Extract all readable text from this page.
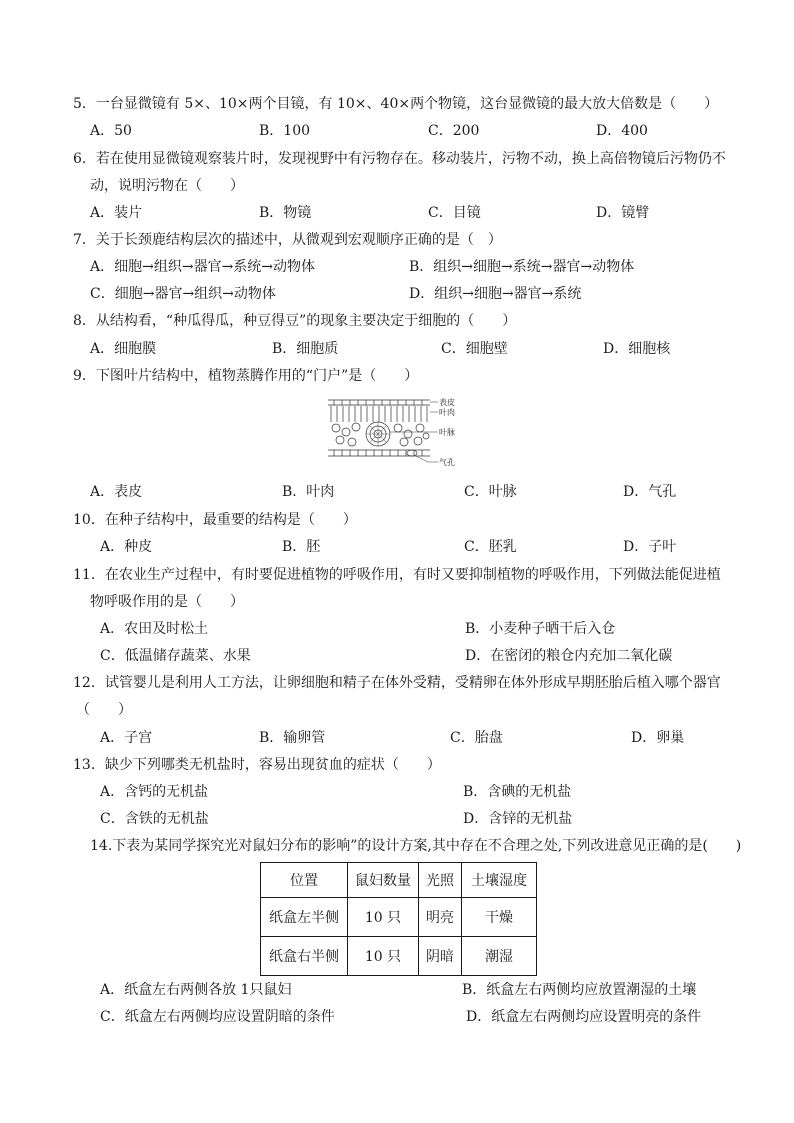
5．一台显微镜有 5×、10×两个目镜，有 10×、40×两个物镜，这台显微镜的最大放大倍数是（　　）
A．50	B．100	C．200	D．400
6．若在使用显微镜观察装片时，发现视野中有污物存在。移动装片，污物不动，换上高倍物镜后污物仍不
动，说明污物在（　　）
A．装片	B．物镜	C．目镜	D．镜臂
7．关于长颈鹿结构层次的描述中，从微观到宏观顺序正确的是（　）
A．细胞→组织→器官→系统→动物体	B．组织→细胞→系统→器官→动物体
C．细胞→器官→组织→动物体	D．组织→细胞→器官→系统
8．从结构看，“种瓜得瓜，种豆得豆”的现象主要决定于细胞的（　　）
A．细胞膜	B．细胞质	C．细胞壁	D．细胞核
9．下图叶片结构中，植物蒸腾作用的“门户”是（　　）
表皮
叶肉
叶脉
气孔
A．表皮	B．叶肉	C．叶脉	D．气孔
10．在种子结构中，最重要的结构是（　　）
A．种皮	B．胚	C．胚乳	D．子叶
11．在农业生产过程中，有时要促进植物的呼吸作用，有时又要抑制植物的呼吸作用，下列做法能促进植
物呼吸作用的是（　　）
A．农田及时松土	B．小麦种子晒干后入仓
C．低温储存蔬菜、水果	D．在密闭的粮仓内充加二氧化碳
12．试管婴儿是利用人工方法，让卵细胞和精子在体外受精，受精卵在体外形成早期胚胎后植入哪个器官
（　　）
A．子宫	B．输卵管	C．胎盘	D．卵巢
13．缺少下列哪类无机盐时，容易出现贫血的症状（　　）
A．含钙的无机盐	B．含碘的无机盐
C．含铁的无机盐	D．含锌的无机盐
14.下表为某同学探究光对鼠妇分布的影响”的设计方案,其中存在不合理之处,下列改进意见正确的是(　　)
位置	鼠妇数量	光照	土壤湿度
纸盒左半侧	10 只	明亮	干燥
纸盒右半侧	10 只	阴暗	潮湿
A．纸盒左右两侧各放 1只鼠妇	B．纸盒左右两侧均应放置潮湿的土壤
C．纸盒左右两侧均应设置阴暗的条件	D．纸盒左右两侧均应设置明亮的条件
